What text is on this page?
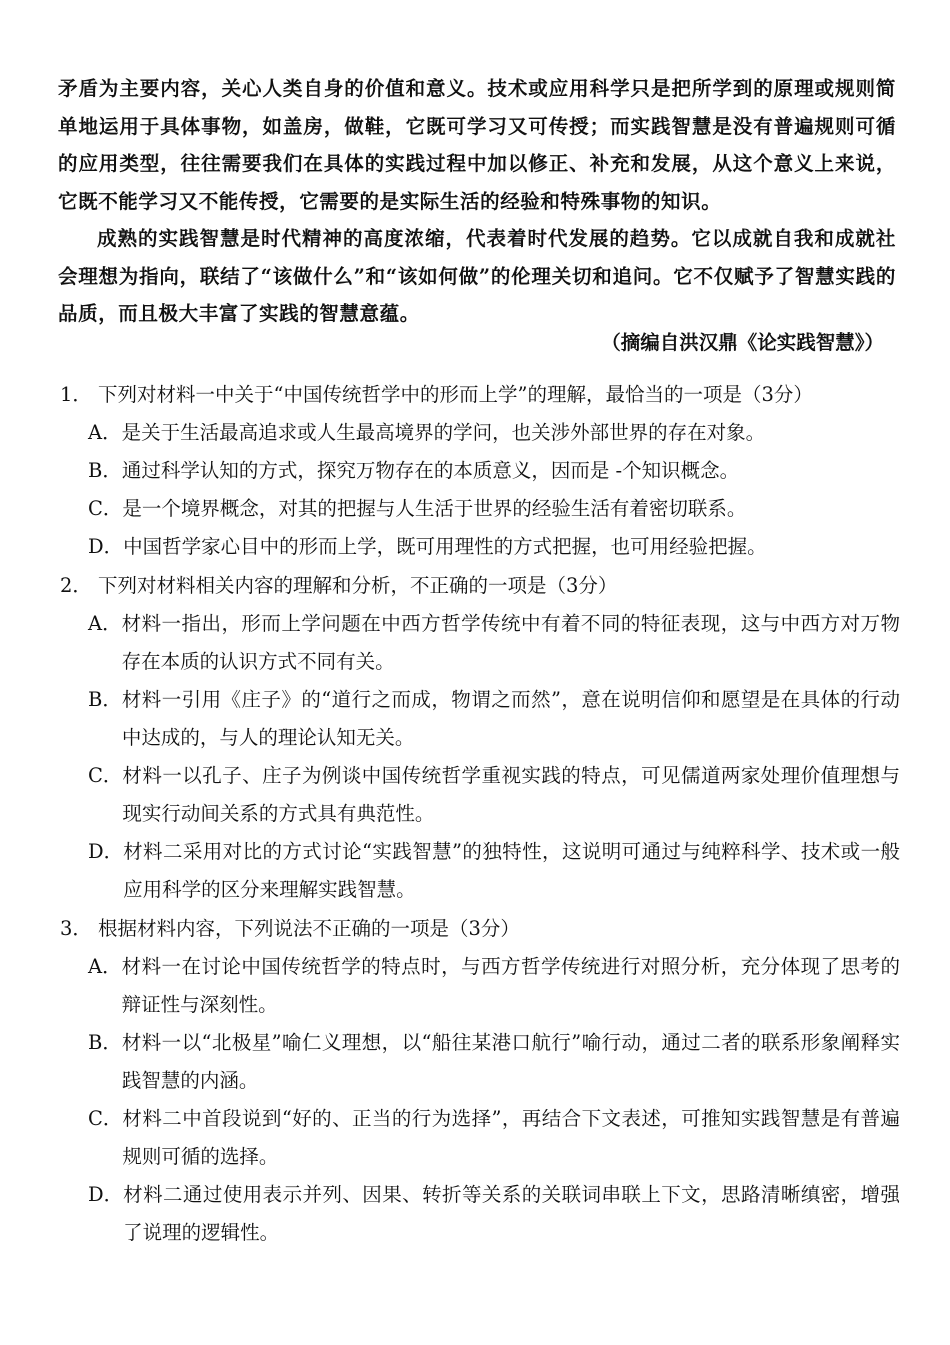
矛盾为主要内容，关心人类自身的价值和意义。技术或应用科学只是把所学到的原理或规则简单地运用于具体事物，如盖房，做鞋，它既可学习又可传授；而实践智慧是没有普遍规则可循的应用类型，往往需要我们在具体的实践过程中加以修正、补充和发展，从这个意义上来说，它既不能学习又不能传授，它需要的是实际生活的经验和特殊事物的知识。

成熟的实践智慧是时代精神的高度浓缩，代表着时代发展的趋势。它以成就自我和成就社会理想为指向，联结了“该做什么”和“该如何做”的伦理关切和追问。它不仅赋予了智慧实践的品质，而且极大丰富了实践的智慧意蕴。

（摘编自洪汉鼎《论实践智慧》）
1． 下列对材料一中关于“中国传统哲学中的形而上学”的理解，最恰当的一项是（3分）
A． 是关于生活最高追求或人生最高境界的学问，也关涉外部世界的存在对象。
B． 通过科学认知的方式，探究万物存在的本质意义，因而是 -个知识概念。
C． 是一个境界概念，对其的把握与人生活于世界的经验生活有着密切联系。
D． 中国哲学家心目中的形而上学，既可用理性的方式把握，也可用经验把握。
2． 下列对材料相关内容的理解和分析，不正确的一项是（3分）
A． 材料一指出，形而上学问题在中西方哲学传统中有着不同的特征表现，这与中西方对万物存在本质的认识方式不同有关。
B． 材料一引用《庄子》的“道行之而成，物谓之而然”，意在说明信仰和愿望是在具体的行动中达成的，与人的理论认知无关。
C． 材料一以孔子、庄子为例谈中国传统哲学重视实践的特点，可见儒道两家处理价值理想与现实行动间关系的方式具有典范性。
D． 材料二采用对比的方式讨论“实践智慧”的独特性，这说明可通过与纯粹科学、技术或一般应用科学的区分来理解实践智慧。
3． 根据材料内容，下列说法不正确的一项是（3分）
A． 材料一在讨论中国传统哲学的特点时，与西方哲学传统进行对照分析，充分体现了思考的辩证性与深刻性。
B． 材料一以“北极星”喻仁义理想，以“船往某港口航行”喻行动，通过二者的联系形象阐释实践智慧的内涵。
C． 材料二中首段说到“好的、正当的行为选择”，再结合下文表述，可推知实践智慧是有普遍规则可循的选择。
D． 材料二通过使用表示并列、因果、转折等关系的关联词串联上下文，思路清晰缜密，增强了说理的逻辑性。
